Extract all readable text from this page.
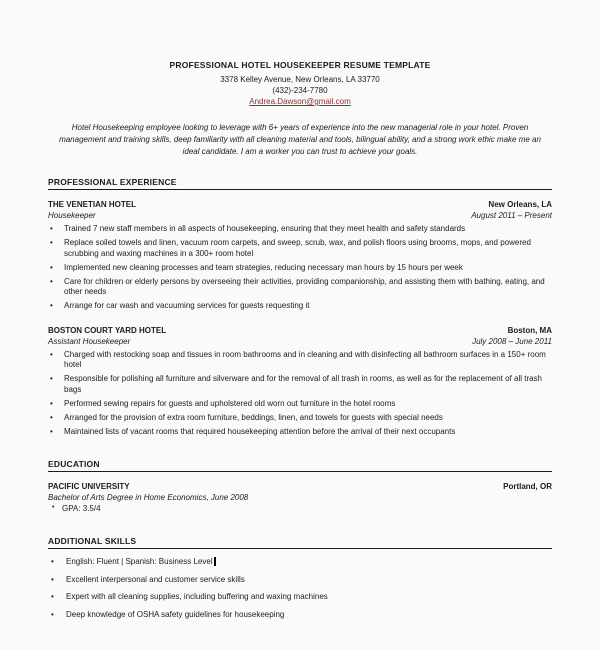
PROFESSIONAL HOTEL HOUSEKEEPER RESUME TEMPLATE
3378 Kelley Avenue, New Orleans, LA 33770
(432)-234-7780
Andrea.Dawson@gmail.com
Hotel Housekeeping employee looking to leverage with 6+ years of experience into the new managerial role in your hotel. Proven management and training skills, deep familiarity with all cleaning material and tools, bilingual ability, and a strong work ethic make me an ideal candidate. I am a worker you can trust to achieve your goals.
PROFESSIONAL EXPERIENCE
THE VENETIAN HOTEL	New Orleans, LA
Housekeeper	August 2011 – Present
•	Trained 7 new staff members in all aspects of housekeeping, ensuring that they meet health and safety standards
•	Replace soiled towels and linen, vacuum room carpets, and sweep, scrub, wax, and polish floors using brooms, mops, and powered scrubbing and waxing machines in a 300+ room hotel
•	Implemented new cleaning processes and team strategies, reducing necessary man hours by 15 hours per week
•	Care for children or elderly persons by overseeing their activities, providing companionship, and assisting them with bathing, eating, and other needs
•	Arrange for car wash and vacuuming services for guests requesting it
BOSTON COURT YARD HOTEL	Boston, MA
Assistant Housekeeper	July 2008 – June 2011
•	Charged with restocking soap and tissues in room bathrooms and in cleaning and with disinfecting all bathroom surfaces in a 150+ room hotel
•	Responsible for polishing all furniture and silverware and for the removal of all trash in rooms, as well as for the replacement of all trash bags
•	Performed sewing repairs for guests and upholstered old worn out furniture in the hotel rooms
•	Arranged for the provision of extra room furniture, beddings, linen, and towels for guests with special needs
•	Maintained lists of vacant rooms that required housekeeping attention before the arrival of their next occupants
EDUCATION
PACIFIC UNIVERSITY	Portland, OR
Bachelor of Arts Degree in Home Economics, June 2008
• GPA: 3.5/4
ADDITIONAL SKILLS
•	English: Fluent | Spanish: Business Level
•	Excellent interpersonal and customer service skills
•	Expert with all cleaning supplies, including buffering and waxing machines
•	Deep knowledge of OSHA safety guidelines for housekeeping
